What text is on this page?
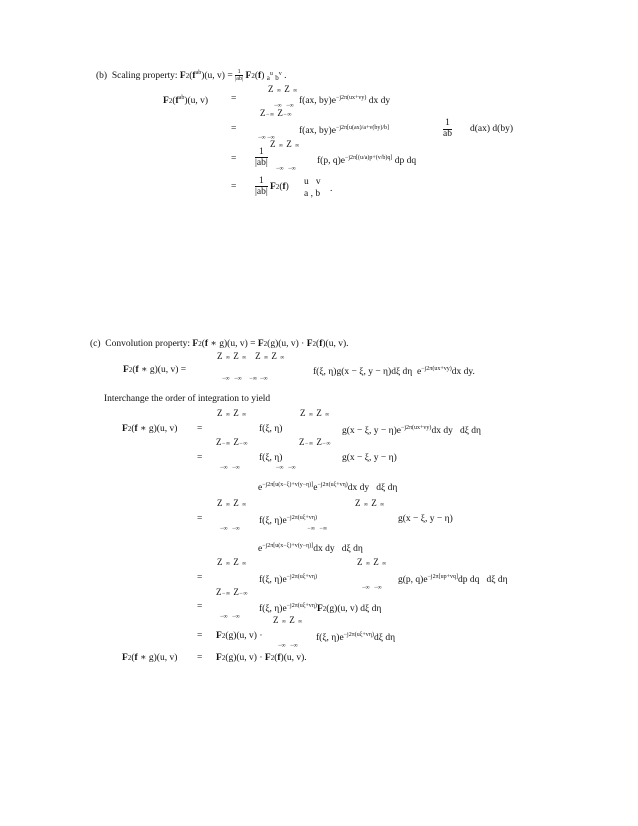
(b)  Scaling property: $F2(f^{ab})(u$, $v) = \frac{1}{|ab|} F2(f)$ $_a^u$ $_b^v$ .
Z ∞ Z ∞
$F2(f^{ab})(u$, v) =	f(ax, $by)e^{-j2\pi(ux+vy)}$ dx dy
Z−∞ Z−∞
−∞   −∞
=	f(ax, $by)e^{-j2\pi[u(ax)/a+v(by)/b]}$	1
ab d(ax) d(by)
−∞ −∞
Z ∞ Z ∞
=
1
|ab|	f(p, $q)e^{-j2\pi[(u/a)p+(v/b)q]}$ dp dq
−∞   −∞
=
1
|ab|
F2(f) u   v
a , b .
(c)  Convolution property: F2(f ∗ g)(u, v) = F2(g)(u, v) · F2(f)(u, v).
Z ∞ Z ∞   Z ∞ Z ∞
F2(f ∗ g)(u, v) =	f(ξ, η)g(x − ξ, y − η)dξ dη  $e^{-j2\pi(ux+vy)}dx$ dy.
−∞   −∞     −∞  −∞
Interchange the order of integration to yield
Z ∞ Z ∞	Z ∞ Z ∞
F2(f ∗ g)(u, v) =	f(ξ, η)	g(x − ξ, $y - \eta)e^{-j2\pi(ux+vy)}dx$ dy   dξ dη
Z−∞ Z−∞	Z−∞ Z−∞
=	f(ξ, η)	g(x − ξ, y − η)
−∞   −∞                        −∞   −∞
$e^{-j2\pi[u(x-\xi)+v(y-\eta)]}e^{-j2\pi(u\xi+v\eta)}dx$ dy   dξ dη
Z ∞ Z ∞	Z ∞ Z ∞
=	f(ξ, $\eta)e^{-j2\pi(u\xi+v\eta)}$	g(x − ξ, y − η)
−∞   −∞                                             −∞   −∞
$e^{-j2\pi[u(x-\xi)+v(y-\eta)]}dx$ dy   dξ dη
Z ∞ Z ∞	Z ∞ Z ∞
=	f(ξ, $\eta)e^{-j2\pi(u\xi+v\eta)}$	g(p, $q)e^{-j2\pi[up+vq]}dp$ dq   dξ dη
Z−∞ Z−∞
−∞   −∞
=	f(ξ, $\eta)e^{-j2\pi(u\xi+v\eta)}F2(g)(u$, v) dξ dη
−∞   −∞	Z ∞ Z ∞
= F2(g)(u, v) ·	f(ξ, $\eta)e^{-j2\pi(u\xi+v\eta)}d\xi$ dη
−∞   −∞
F2(f ∗ g)(u, v) = F2(g)(u, v) · F2(f)(u, v).
